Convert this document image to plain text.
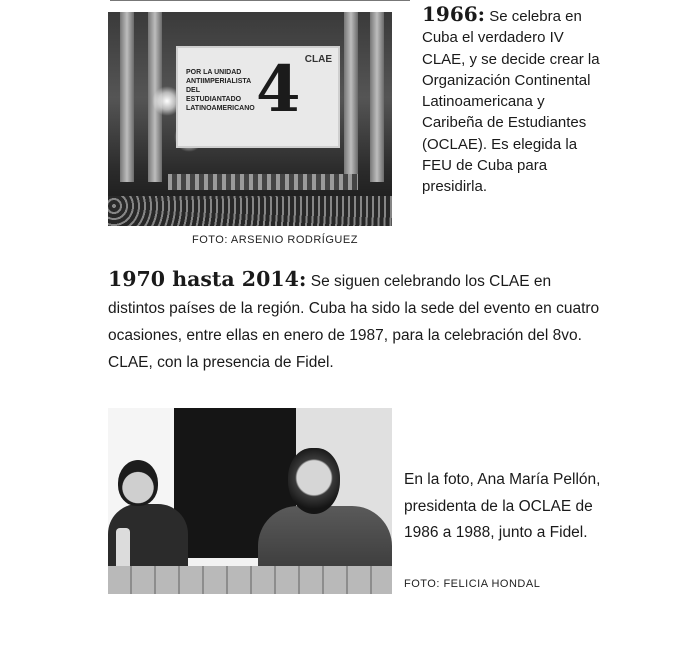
POR LA UNIDAD ANTIIMPERIALISTA DEL ESTUDIANTADO LATINOAMERICANO 4 CLAE
FOTO: ARSENIO RODRÍGUEZ
1966: Se celebra en Cuba el verdadero IV CLAE, y se decide crear la Organización Continental Latinoamericana y Caribeña de Estudiantes (OCLAE). Es elegida la FEU de Cuba para presidirla.
1970 hasta 2014: Se siguen celebrando los CLAE en distintos países de la región. Cuba ha sido la sede del evento en cuatro ocasiones, entre ellas en enero de 1987, para la celebración del 8vo. CLAE, con la presencia de Fidel.
En la foto, Ana María Pellón, presidenta de la OCLAE de 1986 a 1988, junto a Fidel.
FOTO: FELICIA HONDAL
